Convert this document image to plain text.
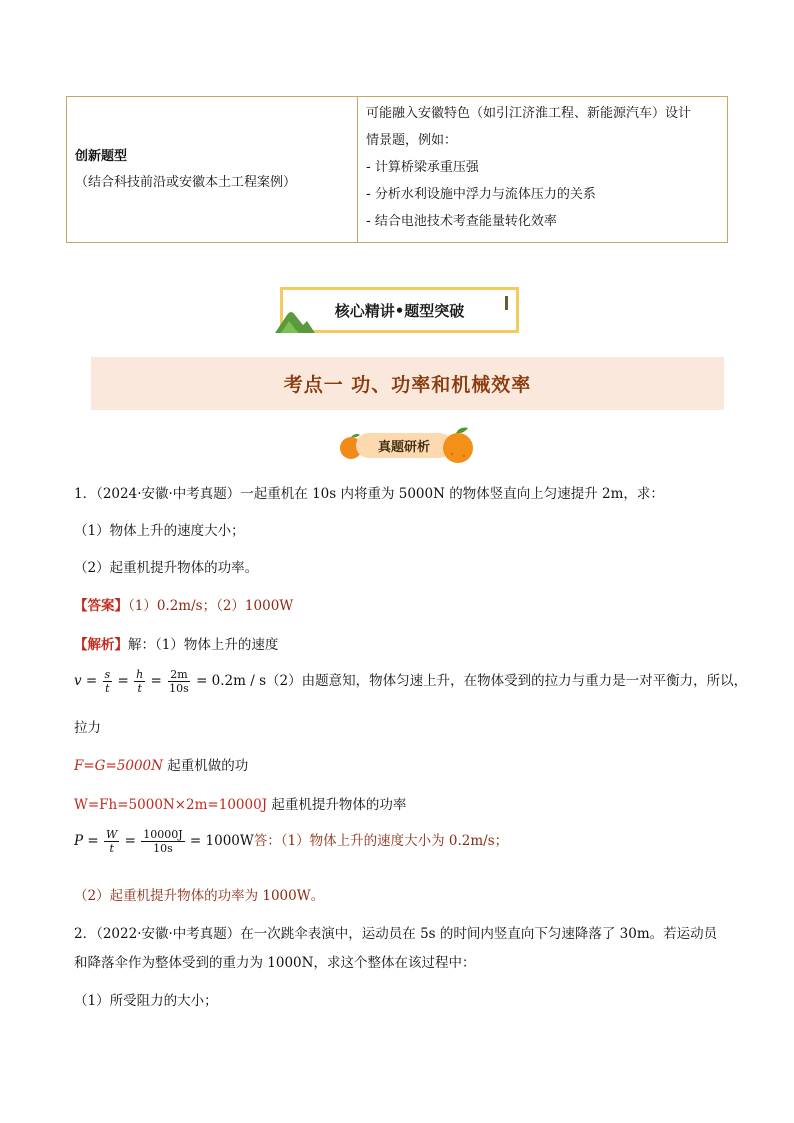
创新题型
（结合科技前沿或安徽本土工程案例）
可能融入安徽特色（如引江济淮工程、新能源汽车）设计
情景题，例如：
- 计算桥梁承重压强
- 分析水利设施中浮力与流体压力的关系
- 结合电池技术考查能量转化效率
核心精讲•题型突破
考点一 功、功率和机械效率
真题研析
1．（2024·安徽·中考真题）一起重机在 10s 内将重为 5000N 的物体竖直向上匀速提升 2m，求：
（1）物体上升的速度大小；
（2）起重机提升物体的功率。
【答案】（1）0.2m/s；（2）1000W
【解析】解：（1）物体上升的速度
$v = \frac{s}{t} = \frac{h}{t} = \frac{2m}{10s} = 0.2m / s(2)$由题意知，物体匀速上升，在物体受到的拉力与重力是一对平衡力，所以，
拉力
F=G=5000N 起重机做的功
W=Fh=5000N×2m=10000J 起重机提升物体的功率
$P = \frac{W}{t} = \frac{10000J}{10s} = 1000W$答：（1）物体上升的速度大小为 0.2m/s；
（2）起重机提升物体的功率为 1000W。
2．（2022·安徽·中考真题）在一次跳伞表演中，运动员在 5s 的时间内竖直向下匀速降落了 30m。若运动员
和降落伞作为整体受到的重力为 1000N，求这个整体在该过程中：
（1）所受阻力的大小；
